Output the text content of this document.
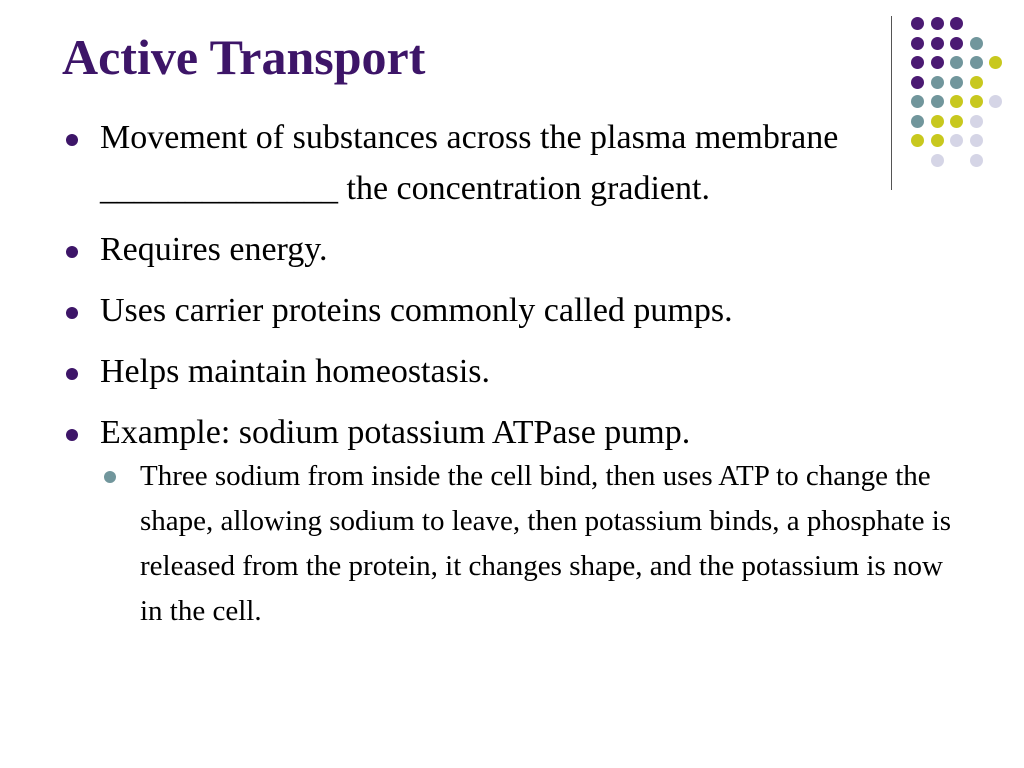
Active Transport
Movement of substances across the plasma membrane ______________ the concentration gradient.
Requires energy.
Uses carrier proteins commonly called pumps.
Helps maintain homeostasis.
Example: sodium potassium ATPase pump.
Three sodium from inside the cell bind, then uses ATP to change the shape, allowing sodium to leave, then potassium binds, a phosphate is released from the protein, it changes shape, and the potassium is now in the cell.
